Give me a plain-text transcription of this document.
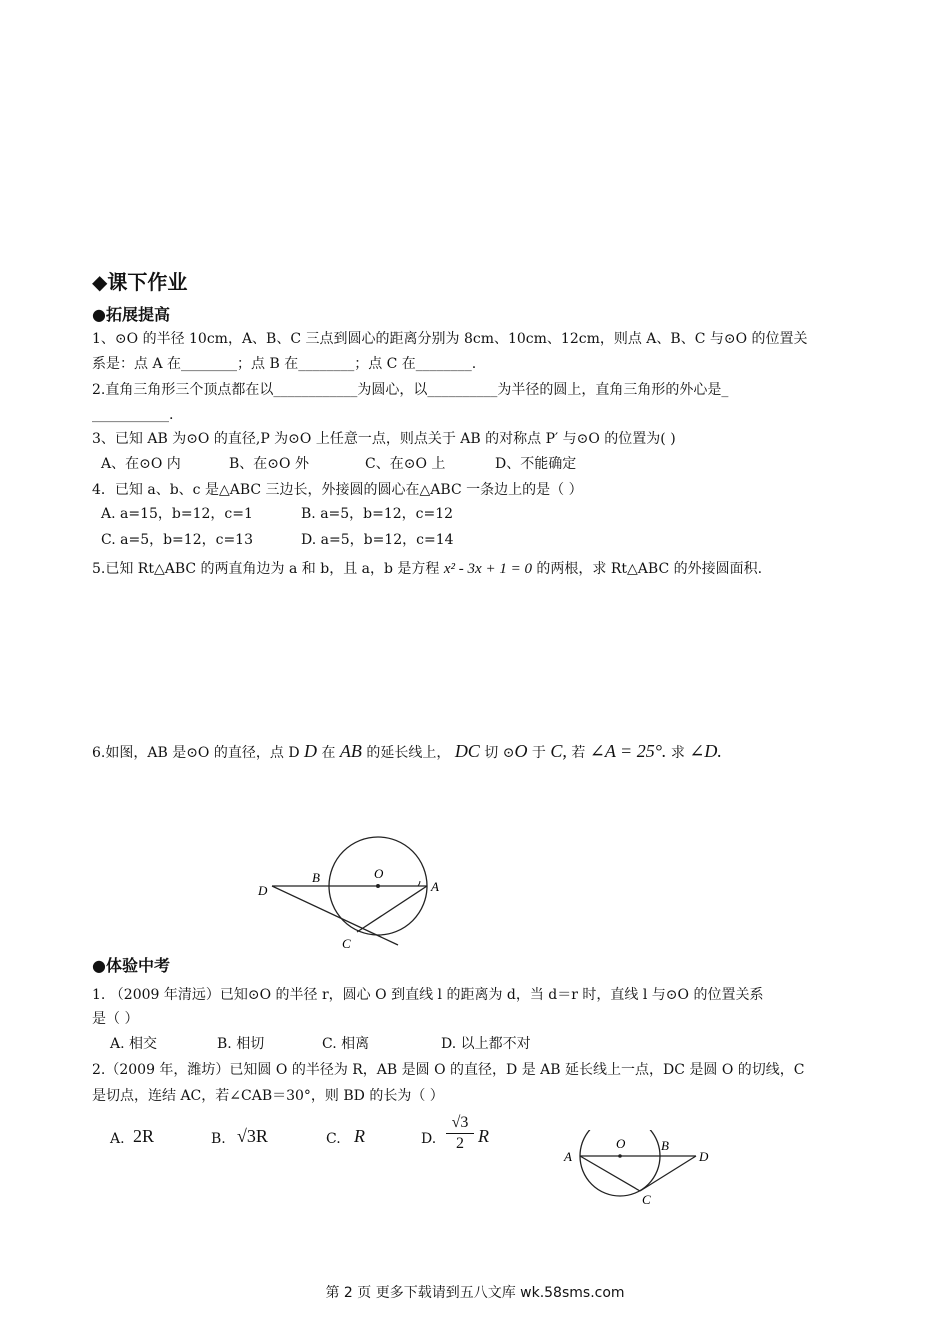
◆课下作业
●拓展提高
1、⊙O 的半径 10cm，A、B、C 三点到圆心的距离分别为 8cm、10cm、12cm，则点 A、B、C 与⊙O 的位置关
系是：点 A 在________；点 B 在________；点 C 在________.
2.直角三角形三个顶点都在以____________为圆心，以__________为半径的圆上，直角三角形的外心是_
___________.
3、已知 AB 为⊙O 的直径,P 为⊙O 上任意一点，则点关于 AB 的对称点 P′ 与⊙O 的位置为( )
A、在⊙O 内	B、在⊙O 外	C、在⊙O 上	D、不能确定
4．已知 a、b、c 是△ABC 三边长，外接圆的圆心在△ABC 一条边上的是（ ）
A. a=15，b=12，c=1	B. a=5，b=12，c=12
C. a=5，b=12，c=13	D. a=5，b=12，c=14
5.已知 Rt△ABC 的两直角边为 a 和 b，且 a，b 是方程 x² - 3x + 1 = 0 的两根，求 Rt△ABC 的外接圆面积.
6.如图，AB 是⊙O 的直径，点 D D 在 AB 的延长线上， DC 切 ⊙O 于 C, 若 ∠A = 25°. 求 ∠D.
D
B	O
A
C
●体验中考
1. （2009 年清远）已知⊙O 的半径 r，圆心 O 到直线 l 的距离为 d，当 d＝r 时，直线 l 与⊙O 的位置关系
是（ ）
A. 相交	B. 相切	C. 相离	D. 以上都不对
2.（2009 年，潍坊）已知圆 O 的半径为 R，AB 是圆 O 的直径，D 是 AB 延长线上一点，DC 是圆 O 的切线，C
是切点，连结 AC，若∠CAB＝30°，则 BD 的长为（ ）
A. 2R	B. √3R	C. R	D. $\frac{√3}{2}$ R
A
O	B
D
C
第 2 页 更多下载请到五八文库 wk.58sms.com
